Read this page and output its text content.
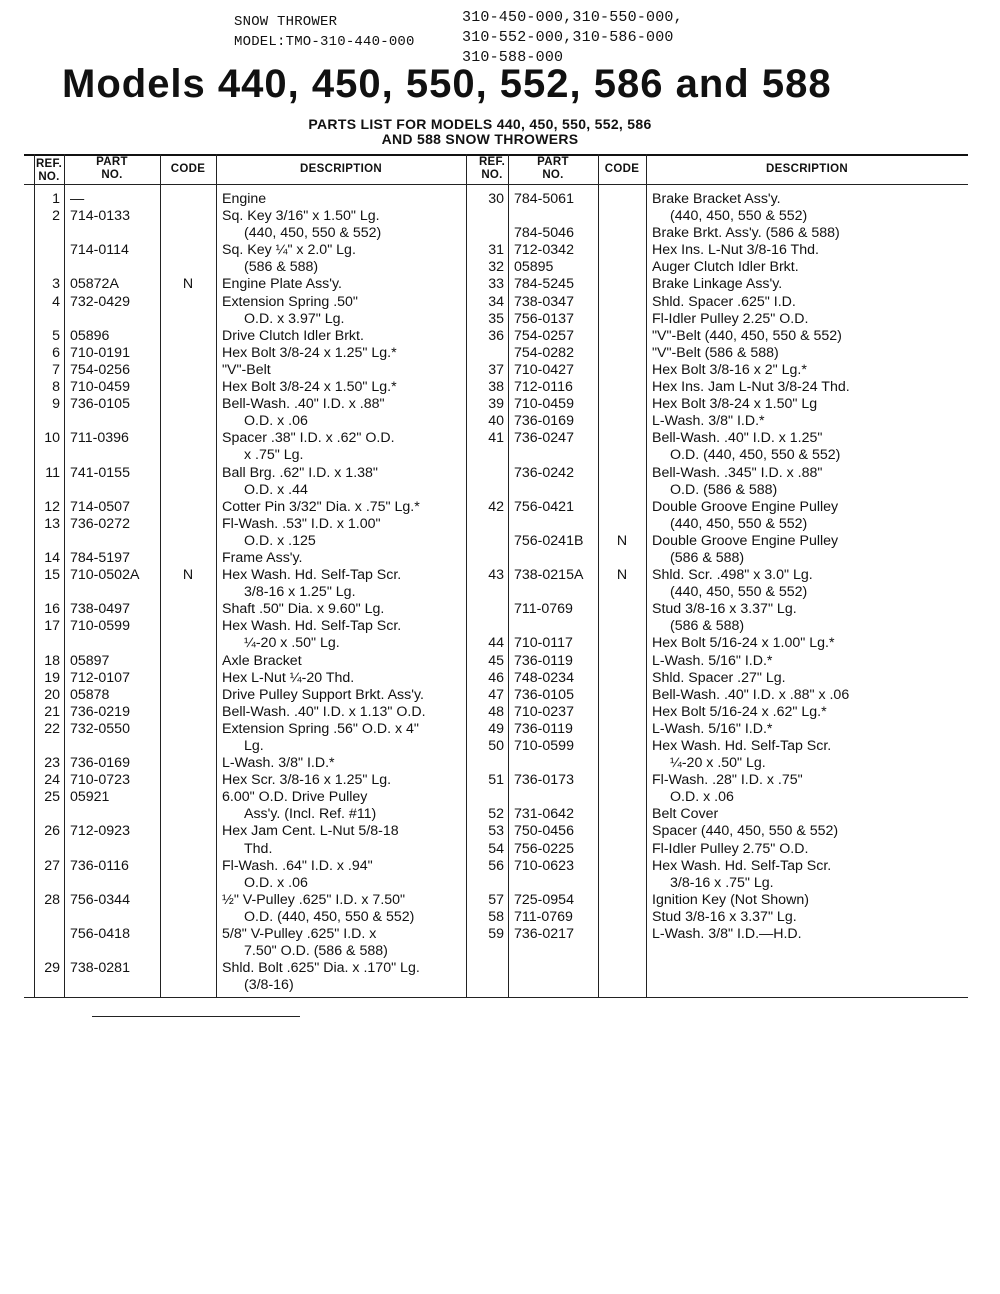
SNOW THROWER
MODEL:TMO-310-440-000
310-450-000,310-550-000,
310-552-000,310-586-000
310-588-000
Models 440, 450, 550, 552, 586 and 588
PARTS LIST FOR MODELS 440, 450, 550, 552, 586
AND 588 SNOW THROWERS
REF.
NO.
PART
NO.	CODE	DESCRIPTION
REF.
NO.
PART
NO.	CODE	DESCRIPTION
1 —	Engine
2 714-0133	Sq. Key 3/16" x 1.50" Lg.
(440, 450, 550 & 552)
714-0114	Sq. Key ¼" x 2.0" Lg.
(586 & 588)
3 05872A	N	Engine Plate Ass'y.
4 732-0429	Extension Spring .50"
O.D. x 3.97" Lg.
5 05896	Drive Clutch Idler Brkt.
6 710-0191	Hex Bolt 3/8-24 x 1.25" Lg.*
7 754-0256	"V"-Belt
8 710-0459	Hex Bolt 3/8-24 x 1.50" Lg.*
9 736-0105	Bell-Wash. .40" I.D. x .88"
O.D. x .06
10 711-0396	Spacer .38" I.D. x .62" O.D.
x .75" Lg.
11 741-0155	Ball Brg. .62" I.D. x 1.38"
O.D. x .44
12 714-0507	Cotter Pin 3/32" Dia. x .75" Lg.*
13 736-0272	Fl-Wash. .53" I.D. x 1.00"
O.D. x .125
14 784-5197	Frame Ass'y.
15 710-0502A	N	Hex Wash. Hd. Self-Tap Scr.
3/8-16 x 1.25" Lg.
16 738-0497	Shaft .50" Dia. x 9.60" Lg.
17 710-0599	Hex Wash. Hd. Self-Tap Scr.
¼-20 x .50" Lg.
18 05897	Axle Bracket
19 712-0107	Hex L-Nut ¼-20 Thd.
20 05878	Drive Pulley Support Brkt. Ass'y.
21 736-0219	Bell-Wash. .40" I.D. x 1.13" O.D.
22 732-0550	Extension Spring .56" O.D. x 4"
Lg.
23 736-0169	L-Wash. 3/8" I.D.*
24 710-0723	Hex Scr. 3/8-16 x 1.25" Lg.
25 05921	6.00" O.D. Drive Pulley
Ass'y. (Incl. Ref. #11)
26 712-0923	Hex Jam Cent. L-Nut 5/8-18
Thd.
27 736-0116	Fl-Wash. .64" I.D. x .94"
O.D. x .06
28 756-0344	½" V-Pulley .625" I.D. x 7.50"
O.D. (440, 450, 550 & 552)
756-0418	5/8" V-Pulley .625" I.D. x
7.50" O.D. (586 & 588)
29 738-0281	Shld. Bolt .625" Dia. x .170" Lg.
(3/8-16)
30 784-5061	Brake Bracket Ass'y.
(440, 450, 550 & 552)
784-5046	Brake Brkt. Ass'y. (586 & 588)
31 712-0342	Hex Ins. L-Nut 3/8-16 Thd.
32 05895	Auger Clutch Idler Brkt.
33 784-5245	Brake Linkage Ass'y.
34 738-0347	Shld. Spacer .625" I.D.
35 756-0137	Fl-Idler Pulley 2.25" O.D.
36 754-0257	"V"-Belt (440, 450, 550 & 552)
754-0282	"V"-Belt (586 & 588)
37 710-0427	Hex Bolt 3/8-16 x 2" Lg.*
38 712-0116	Hex Ins. Jam L-Nut 3/8-24 Thd.
39 710-0459	Hex Bolt 3/8-24 x 1.50" Lg
40 736-0169	L-Wash. 3/8" I.D.*
41 736-0247	Bell-Wash. .40" I.D. x 1.25"
O.D. (440, 450, 550 & 552)
736-0242	Bell-Wash. .345" I.D. x .88"
O.D. (586 & 588)
42 756-0421	Double Groove Engine Pulley
(440, 450, 550 & 552)
756-0241B	N	Double Groove Engine Pulley
(586 & 588)
43 738-0215A	N	Shld. Scr. .498" x 3.0" Lg.
(440, 450, 550 & 552)
711-0769	Stud 3/8-16 x 3.37" Lg.
(586 & 588)
44 710-0117	Hex Bolt 5/16-24 x 1.00" Lg.*
45 736-0119	L-Wash. 5/16" I.D.*
46 748-0234	Shld. Spacer .27" Lg.
47 736-0105	Bell-Wash. .40" I.D. x .88" x .06
48 710-0237	Hex Bolt 5/16-24 x .62" Lg.*
49 736-0119	L-Wash. 5/16" I.D.*
50 710-0599	Hex Wash. Hd. Self-Tap Scr.
¼-20 x .50" Lg.
51 736-0173	Fl-Wash. .28" I.D. x .75"
O.D. x .06
52 731-0642	Belt Cover
53 750-0456	Spacer (440, 450, 550 & 552)
54 756-0225	Fl-Idler Pulley 2.75" O.D.
56 710-0623	Hex Wash. Hd. Self-Tap Scr.
3/8-16 x .75" Lg.
57 725-0954	Ignition Key (Not Shown)
58 711-0769	Stud 3/8-16 x 3.37" Lg.
59 736-0217	L-Wash. 3/8" I.D.—H.D.
